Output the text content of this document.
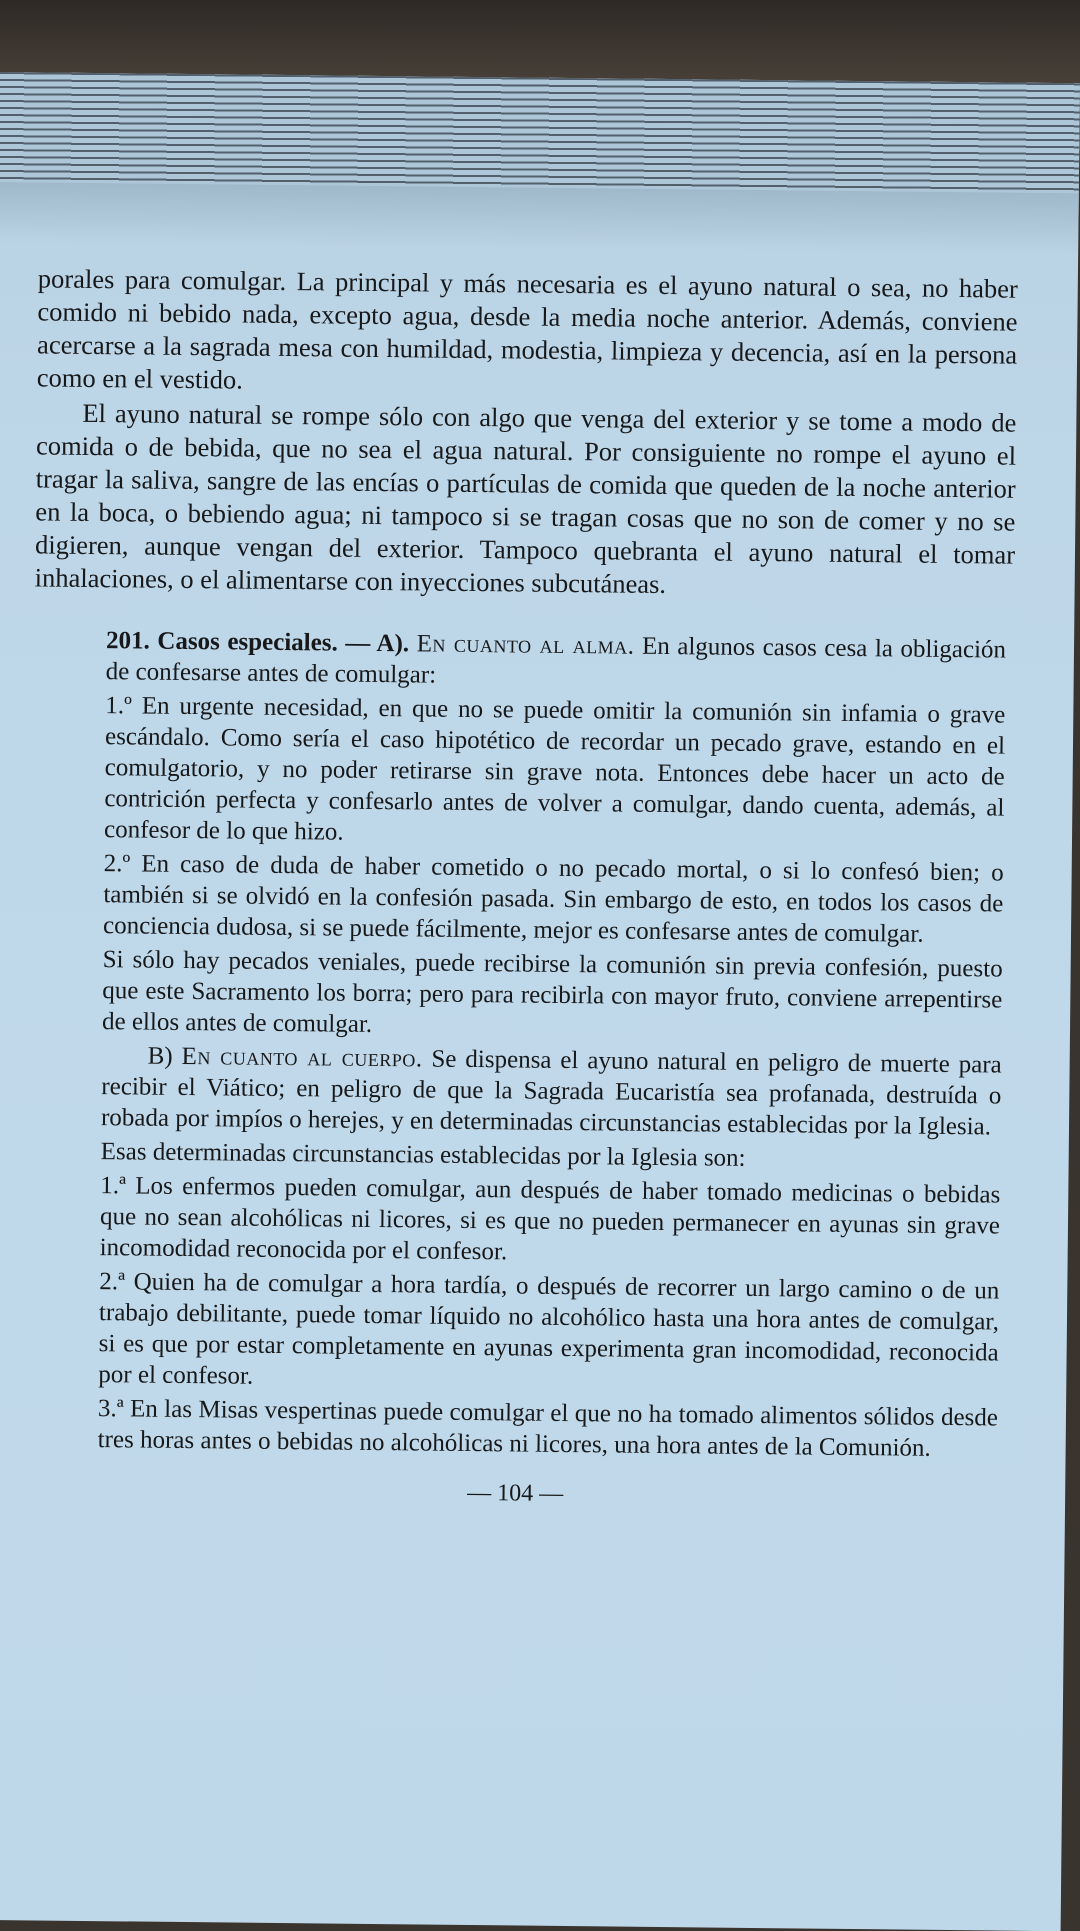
porales para comulgar. La principal y más necesaria es el ayuno natural o sea, no haber comido ni bebido nada, excepto agua, desde la media noche anterior. Además, conviene acercarse a la sagrada mesa con humildad, modestia, limpieza y decencia, así en la persona como en el vestido.

El ayuno natural se rompe sólo con algo que venga del exterior y se tome a modo de comida o de bebida, que no sea el agua natural. Por consiguiente no rompe el ayuno el tragar la saliva, sangre de las encías o partículas de comida que queden de la noche anterior en la boca, o bebiendo agua; ni tampoco si se tragan cosas que no son de comer y no se digieren, aunque vengan del exterior. Tampoco quebranta el ayuno natural el tomar inhalaciones, o el alimentarse con inyecciones subcutáneas.

201. Casos especiales. — A). En cuanto al alma. En algunos casos cesa la obligación de confesarse antes de comulgar:

1.º En urgente necesidad, en que no se puede omitir la comunión sin infamia o grave escándalo. Como sería el caso hipotético de recordar un pecado grave, estando en el comulgatorio, y no poder retirarse sin grave nota. Entonces debe hacer un acto de contrición perfecta y confesarlo antes de volver a comulgar, dando cuenta, además, al confesor de lo que hizo.

2.º En caso de duda de haber cometido o no pecado mortal, o si lo confesó bien; o también si se olvidó en la confesión pasada. Sin embargo de esto, en todos los casos de conciencia dudosa, si se puede fácilmente, mejor es confesarse antes de comulgar.

Si sólo hay pecados veniales, puede recibirse la comunión sin previa confesión, puesto que este Sacramento los borra; pero para recibirla con mayor fruto, conviene arrepentirse de ellos antes de comulgar.

B) En cuanto al cuerpo. Se dispensa el ayuno natural en peligro de muerte para recibir el Viático; en peligro de que la Sagrada Eucaristía sea profanada, destruída o robada por impíos o herejes, y en determinadas circunstancias establecidas por la Iglesia.

Esas determinadas circunstancias establecidas por la Iglesia son:

1.ª Los enfermos pueden comulgar, aun después de haber tomado medicinas o bebidas que no sean alcohólicas ni licores, si es que no pueden permanecer en ayunas sin grave incomodidad reconocida por el confesor.

2.ª Quien ha de comulgar a hora tardía, o después de recorrer un largo camino o de un trabajo debilitante, puede tomar líquido no alcohólico hasta una hora antes de comulgar, si es que por estar completamente en ayunas experimenta gran incomodidad, reconocida por el confesor.

3.ª En las Misas vespertinas puede comulgar el que no ha tomado alimentos sólidos desde tres horas antes o bebidas no alcohólicas ni licores, una hora antes de la Comunión.

— 104 —
